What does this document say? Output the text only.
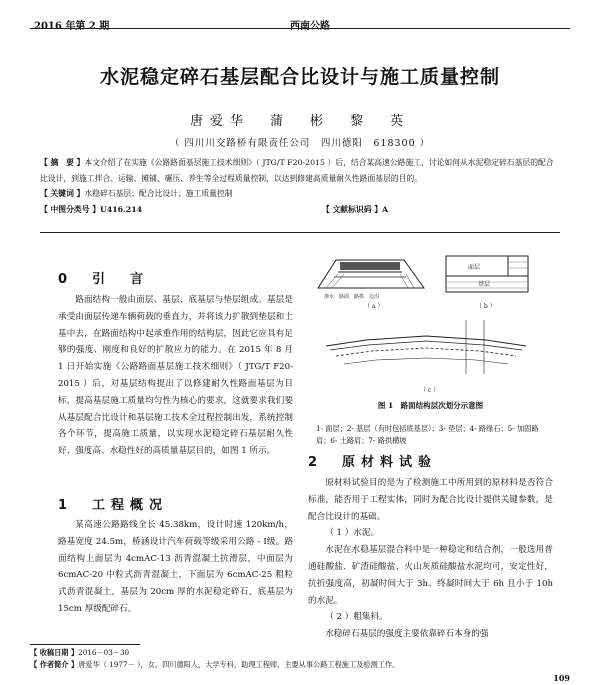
2016 年第 2 期	西南公路
水泥稳定碎石基层配合比设计与施工质量控制
唐爱华　蒲　彬　黎　英
（ 四川川交路桥有限责任公司　四川德阳　618300 ）

【 摘　要 】本文介绍了在实施《公路路面基层施工技术细则》（ JTG/T F20-2015 ）后，结合某高速公路施工，讨论如何从水泥稳定碎石基层的配合比设计，到施工拌合、运输、摊铺、碾压、养生等全过程质量控制，以达到修建高质量耐久性路面基层的目的。

【 关键词 】水稳碎石基层；配合比设计；施工质量控制

【 中图分类号 】U416.214	【 文献标识码 】A
0　引　言

路面结构一般由面层、基层、底基层与垫层组成。基层是承受由面层传递车辆荷载的垂直力，并将该力扩散到垫层和土基中去，在路面结构中起承重作用的结构层，因此它应具有足够的强度、刚度和良好的扩散应力的能力。在 2015 年 8 月 1 日开始实施《公路路面基层施工技术细则》（ JTG/T F20-2015 ）后，对基层结构提出了以修建耐久性路面基层为目标，提高基层施工质量均匀性为核心的要求，这就要求我们要从基层配合比设计和基层施工技术全过程控制出发，系统控制各个环节，提高施工质量，以实现水泥稳定碎石基层耐久性好、强度高、水稳性好的高质量基层目的，如图 1 所示。

1　工程概况

某高速公路路线全长 45.38km，设计时速 120km/h，路基宽度 24.5m，桥涵设计汽车荷载等级采用公路 - Ⅰ级。路面结构上面层为 4cmAC-13 沥青混凝土抗滑层，中面层为 6cmAC-20 中粒式沥青混凝土，下面层为 6cmAC-25 粗粒式沥青混凝土，基层为 20cm 厚的水泥稳定碎石，底基层为 15cm 厚级配碎石。

渗水　路面　路拱　边沟
（ a ）
面层
基层
（ b ）
（ c ）
图 1　路面结构层次划分示意图
1- 面层；2- 基层（有时包括底基层）；3- 垫层；4- 路缘石；5- 加固路肩；6- 土路肩；7- 路拱横坡
2　原材料试验

原材料试验目的是为了检测施工中所用到的原材料是否符合标准，能否用于工程实体，同时为配合比设计提供关键参数，是配合比设计的基础。

（ 1 ）水泥。

水泥在水稳基层混合料中是一种稳定和结合剂，一般选用普通硅酸盐、矿渣硅酸盐、火山灰质硅酸盐水泥均可，安定性好，抗折强度高，初凝时间大于 3h、终凝时间大于 6h 且小于 10h 的水泥。

（ 2 ）粗集料。

水稳碎石基层的强度主要依靠碎石本身的强

【 收稿日期 】2016－03－30
【 作者简介 】唐爱华（ 1977－ ），女，四川德阳人，大学专科，助理工程师，主要从事公路工程施工及检测工作。
109
